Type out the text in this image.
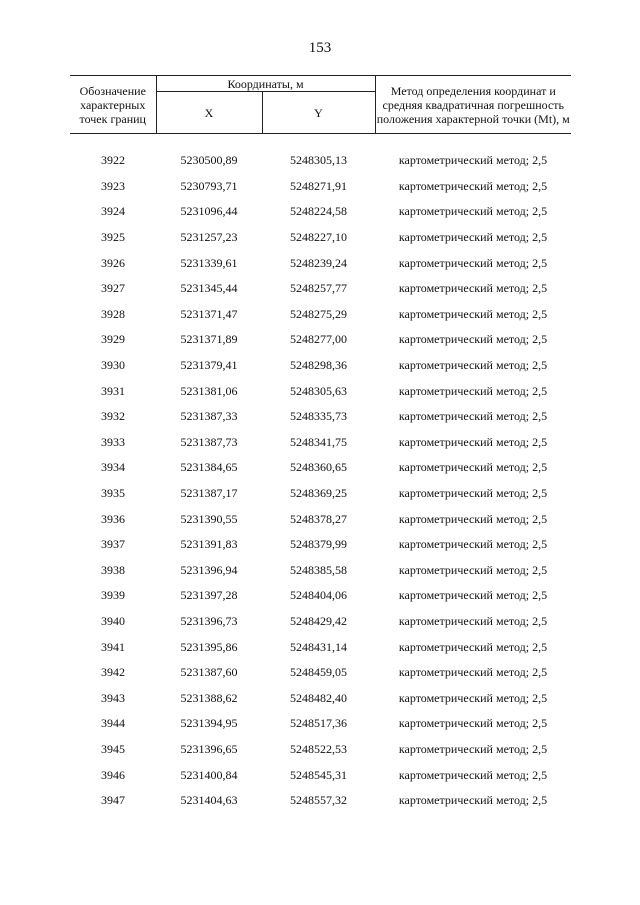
153
Обозначение характерных точек границ	Координаты, м		Метод определения координат и средняя квадратичная погрешность положения характерной точки (Mt), м
	X	Y	

3922	5230500,89	5248305,13	картометрический метод; 2,5
3923	5230793,71	5248271,91	картометрический метод; 2,5
3924	5231096,44	5248224,58	картометрический метод; 2,5
3925	5231257,23	5248227,10	картометрический метод; 2,5
3926	5231339,61	5248239,24	картометрический метод; 2,5
3927	5231345,44	5248257,77	картометрический метод; 2,5
3928	5231371,47	5248275,29	картометрический метод; 2,5
3929	5231371,89	5248277,00	картометрический метод; 2,5
3930	5231379,41	5248298,36	картометрический метод; 2,5
3931	5231381,06	5248305,63	картометрический метод; 2,5
3932	5231387,33	5248335,73	картометрический метод; 2,5
3933	5231387,73	5248341,75	картометрический метод; 2,5
3934	5231384,65	5248360,65	картометрический метод; 2,5
3935	5231387,17	5248369,25	картометрический метод; 2,5
3936	5231390,55	5248378,27	картометрический метод; 2,5
3937	5231391,83	5248379,99	картометрический метод; 2,5
3938	5231396,94	5248385,58	картометрический метод; 2,5
3939	5231397,28	5248404,06	картометрический метод; 2,5
3940	5231396,73	5248429,42	картометрический метод; 2,5
3941	5231395,86	5248431,14	картометрический метод; 2,5
3942	5231387,60	5248459,05	картометрический метод; 2,5
3943	5231388,62	5248482,40	картометрический метод; 2,5
3944	5231394,95	5248517,36	картометрический метод; 2,5
3945	5231396,65	5248522,53	картометрический метод; 2,5
3946	5231400,84	5248545,31	картометрический метод; 2,5
3947	5231404,63	5248557,32	картометрический метод; 2,5
